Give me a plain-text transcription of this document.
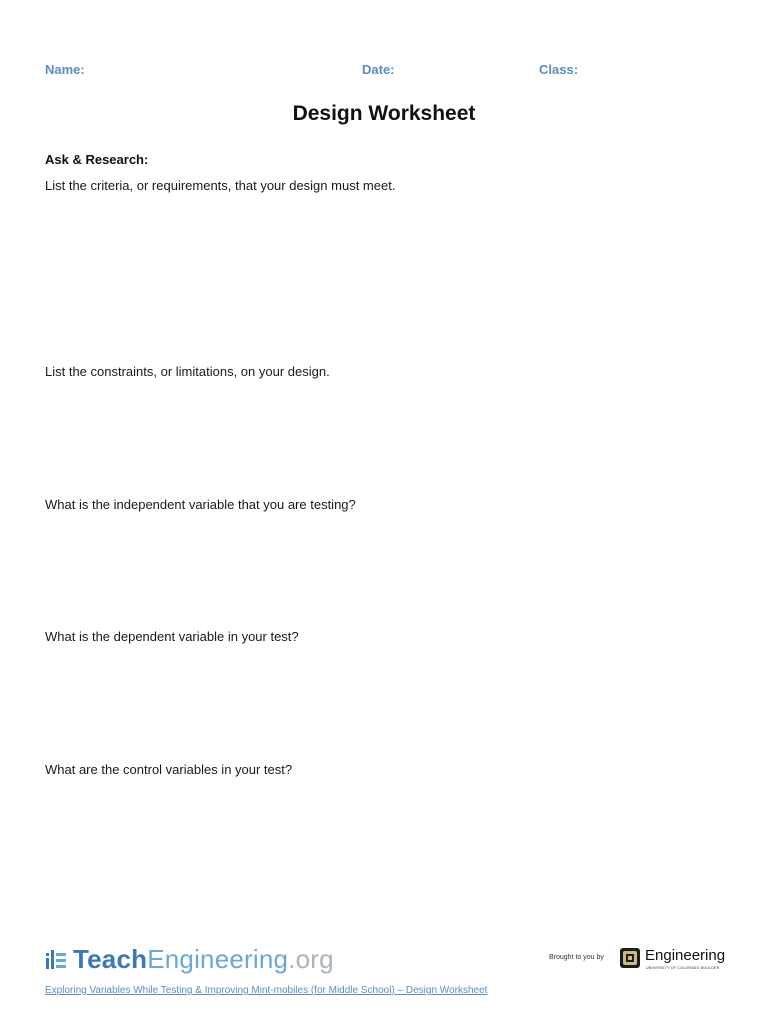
Name:	Date:	Class:
Design Worksheet
Ask & Research:
List the criteria, or requirements, that your design must meet.
List the constraints, or limitations, on your design.
What is the independent variable that you are testing?
What is the dependent variable in your test?
What are the control variables in your test?
TeachEngineering.org	Brought to you by	Engineering
UNIVERSITY OF COLORADO BOULDER
Exploring Variables While Testing & Improving Mint-mobiles (for Middle School) – Design Worksheet
